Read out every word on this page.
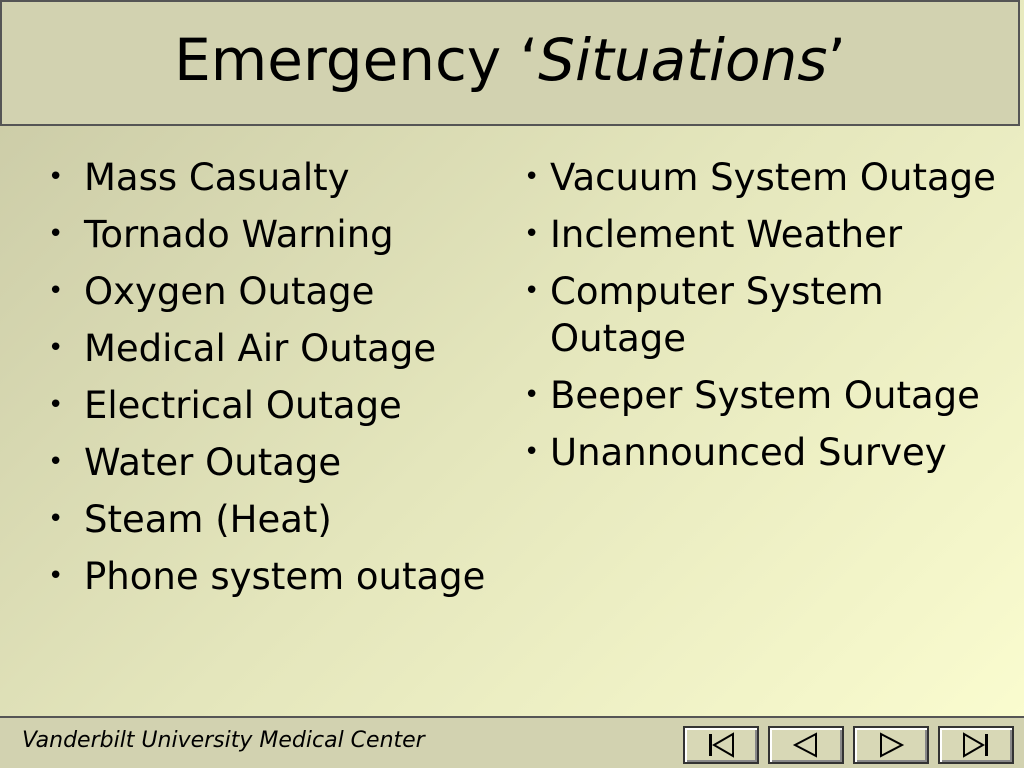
Emergency ‘Situations’
• Mass Casualty
• Tornado Warning
• Oxygen Outage
• Medical Air Outage
• Electrical Outage
• Water Outage
• Steam (Heat)
• Phone system outage
• Vacuum System Outage
• Inclement Weather
• Computer System Outage
• Beeper System Outage
• Unannounced Survey
Vanderbilt University Medical Center
